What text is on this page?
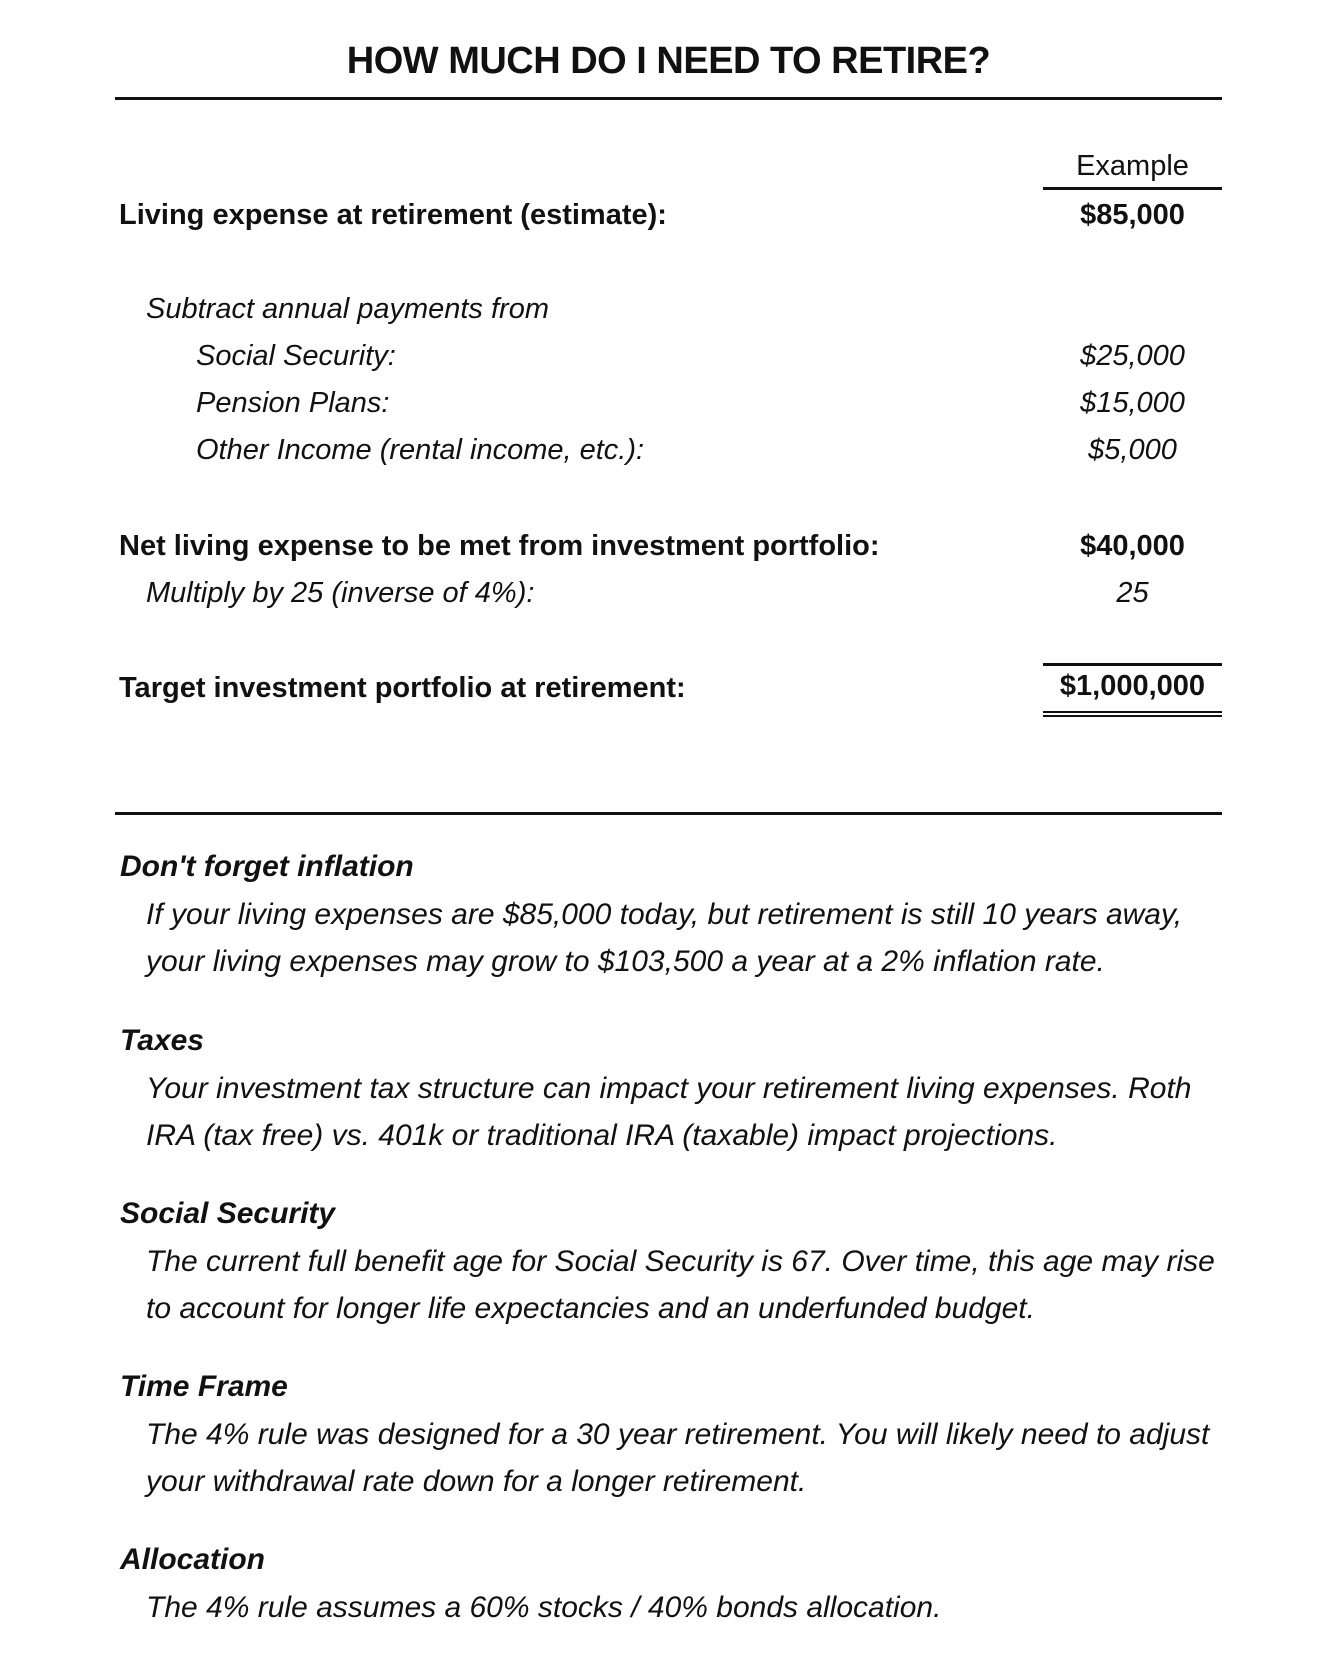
HOW MUCH DO I NEED TO RETIRE?
Example
Living expense at retirement (estimate):	$85,000
Subtract annual payments from
Social Security:	$25,000
Pension Plans:	$15,000
Other Income (rental income, etc.):	$5,000
Net living expense to be met from investment portfolio:	$40,000
Multiply by 25 (inverse of 4%):	25
Target investment portfolio at retirement:	$1,000,000
Don't forget inflation
If your living expenses are $85,000 today, but retirement is still 10 years away, your living expenses may grow to $103,500 a year at a 2% inflation rate.
Taxes
Your investment tax structure can impact your retirement living expenses. Roth IRA (tax free) vs. 401k or traditional IRA (taxable) impact projections.
Social Security
The current full benefit age for Social Security is 67. Over time, this age may rise to account for longer life expectancies and an underfunded budget.
Time Frame
The 4% rule was designed for a 30 year retirement. You will likely need to adjust your withdrawal rate down for a longer retirement.
Allocation
The 4% rule assumes a 60% stocks / 40% bonds allocation.
